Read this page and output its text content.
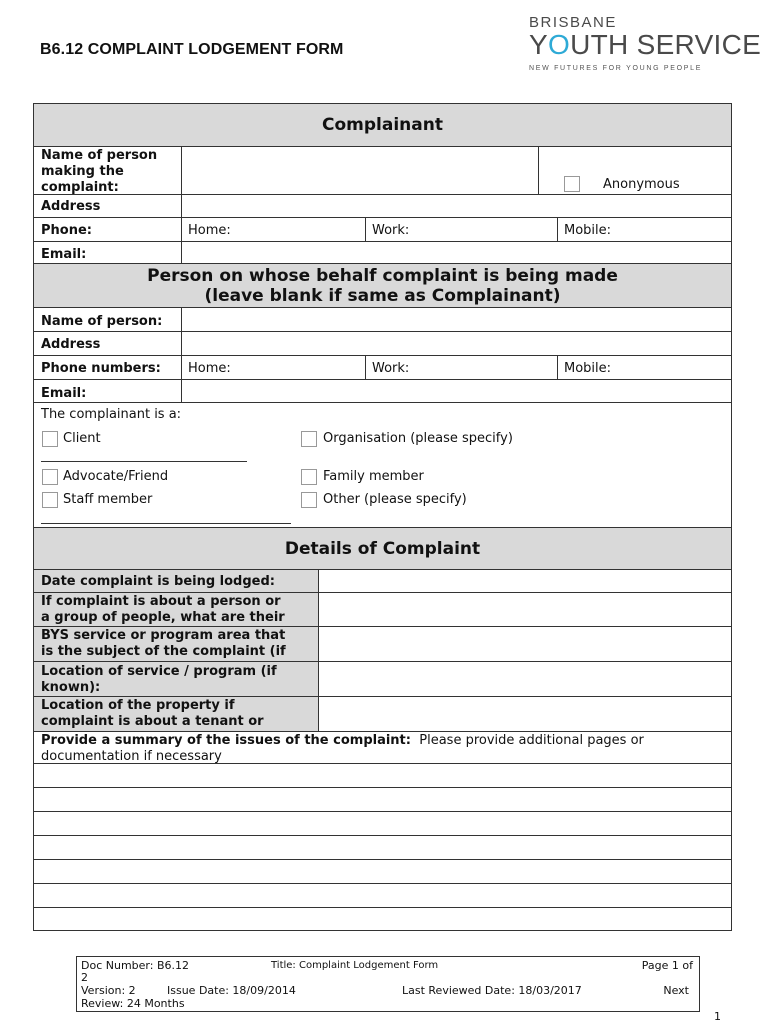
B6.12 COMPLAINT LODGEMENT FORM
BRISBANE
YOUTH SERVICE
NEW FUTURES FOR YOUNG PEOPLE
Complainant
Name of person
making the
complaint:	Anonymous
Address
Phone:	Home:	Work:	Mobile:
Email:
Person on whose behalf complaint is being made
(leave blank if same as Complainant)
Name of person:
Address
Phone numbers: Home:	Work:	Mobile:
Email:
The complainant is a:
Client	Organisation (please specify)
Advocate/Friend	Family member
Staff member	Other (please specify)
Details of Complaint
Date complaint is being lodged:
If complaint is about a person or
a group of people, what are their
BYS service or program area that
is the subject of the complaint (if
Location of service / program (if
known):
Location of the property if
complaint is about a tenant or
Provide a summary of the issues of the complaint: Please provide additional pages or
documentation if necessary
Doc Number: B6.12
2
Title: Complaint Lodgement Form	Page 1 of
Version: 2	Issue Date: 18/09/2014	Last Reviewed Date: 18/03/2017	Next
Review: 24 Months
1
